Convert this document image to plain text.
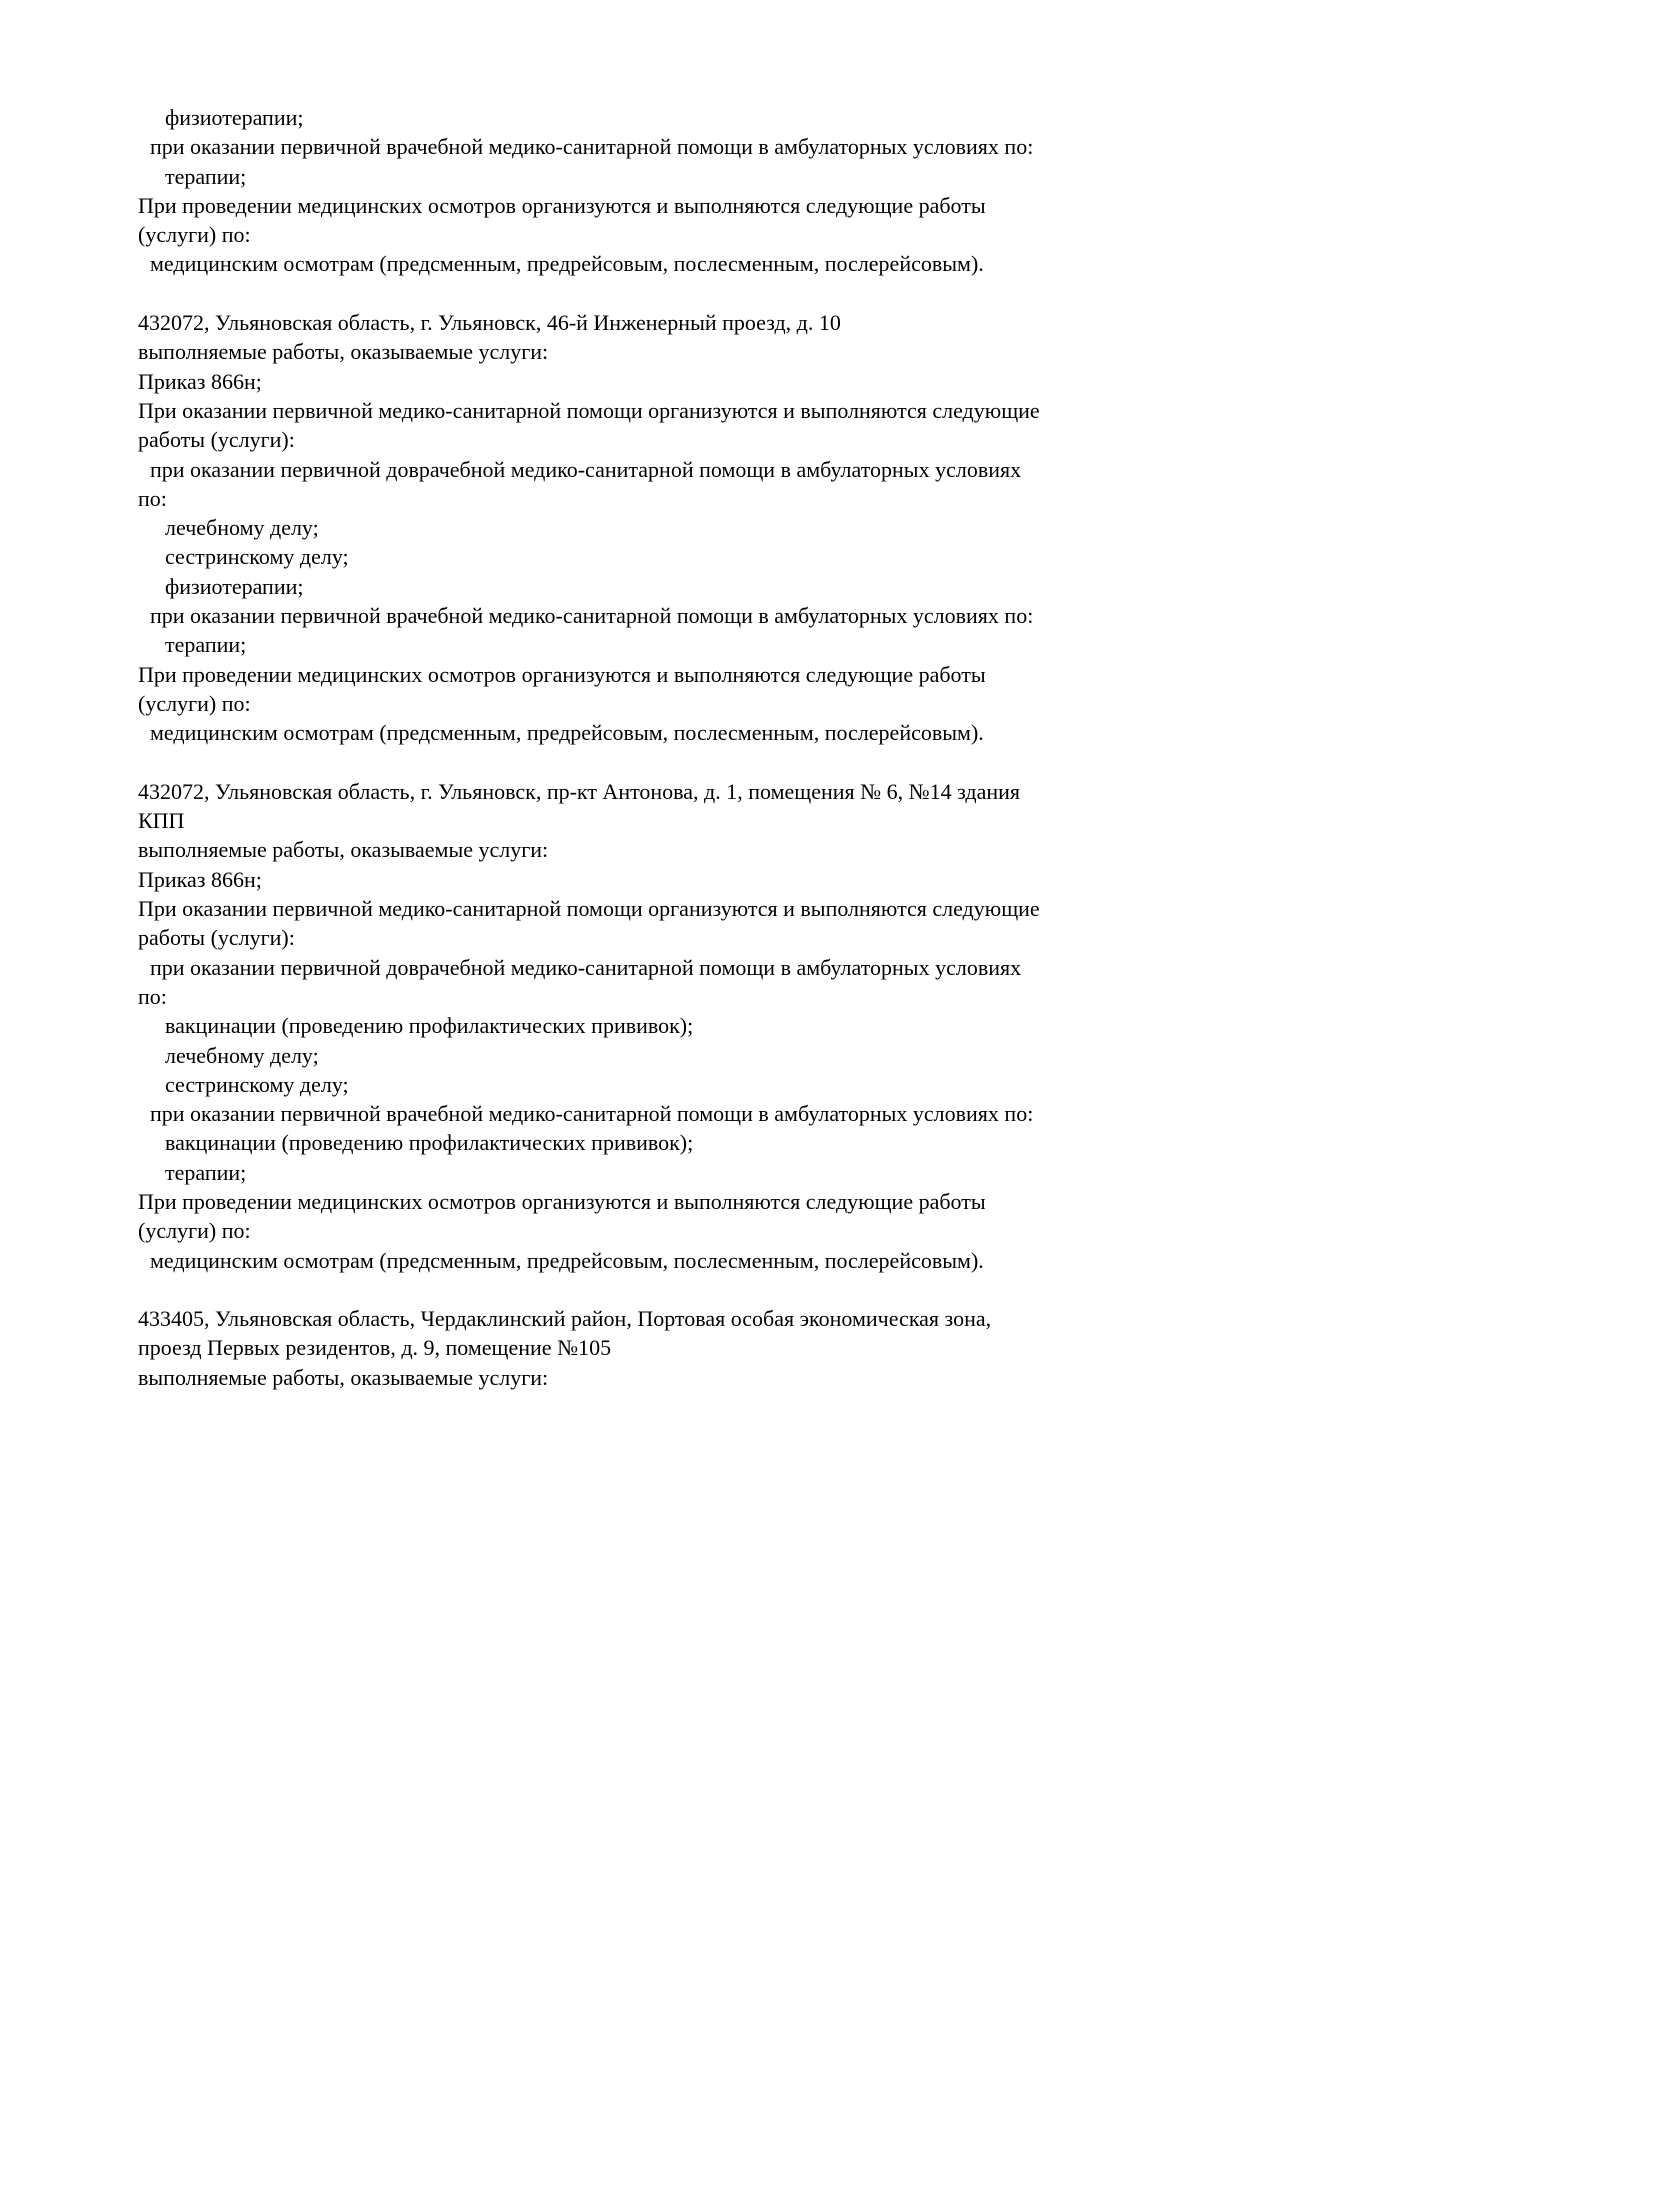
физиотерапии;
при оказании первичной врачебной медико-санитарной помощи в амбулаторных условиях по:
терапии;
При проведении медицинских осмотров организуются и выполняются следующие работы
(услуги) по:
медицинским осмотрам (предсменным, предрейсовым, послесменным, послерейсовым).
432072, Ульяновская область, г. Ульяновск, 46-й Инженерный проезд, д. 10
выполняемые работы, оказываемые услуги:
Приказ 866н;
При оказании первичной медико-санитарной помощи организуются и выполняются следующие
работы (услуги):
при оказании первичной доврачебной медико-санитарной помощи в амбулаторных условиях
по:
лечебному делу;
сестринскому делу;
физиотерапии;
при оказании первичной врачебной медико-санитарной помощи в амбулаторных условиях по:
терапии;
При проведении медицинских осмотров организуются и выполняются следующие работы
(услуги) по:
медицинским осмотрам (предсменным, предрейсовым, послесменным, послерейсовым).
432072, Ульяновская область, г. Ульяновск, пр-кт Антонова, д. 1, помещения № 6, №14 здания
КПП
выполняемые работы, оказываемые услуги:
Приказ 866н;
При оказании первичной медико-санитарной помощи организуются и выполняются следующие
работы (услуги):
при оказании первичной доврачебной медико-санитарной помощи в амбулаторных условиях
по:
вакцинации (проведению профилактических прививок);
лечебному делу;
сестринскому делу;
при оказании первичной врачебной медико-санитарной помощи в амбулаторных условиях по:
вакцинации (проведению профилактических прививок);
терапии;
При проведении медицинских осмотров организуются и выполняются следующие работы
(услуги) по:
медицинским осмотрам (предсменным, предрейсовым, послесменным, послерейсовым).
433405, Ульяновская область, Чердаклинский район, Портовая особая экономическая зона,
проезд Первых резидентов, д. 9, помещение №105
выполняемые работы, оказываемые услуги:
